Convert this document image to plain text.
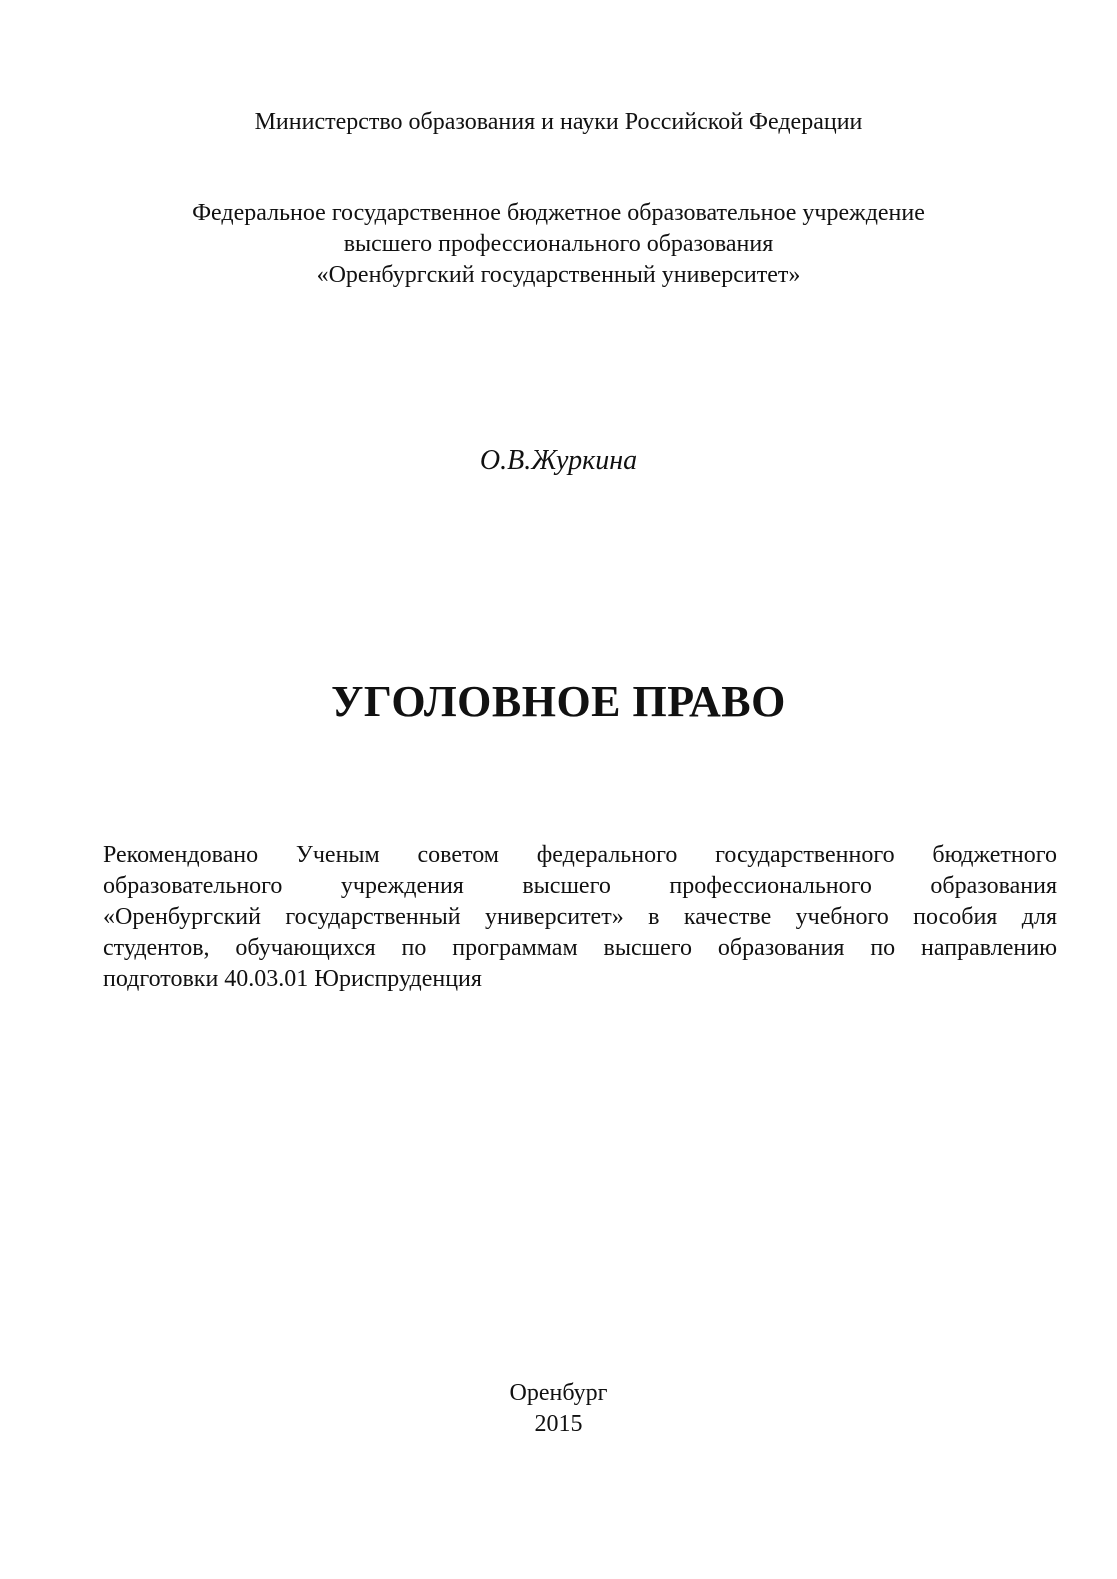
Министерство образования и науки Российской Федерации
Федеральное государственное бюджетное образовательное учреждение
высшего профессионального образования
«Оренбургский государственный университет»
О.В.Журкина
УГОЛОВНОЕ ПРАВО
Рекомендовано Ученым советом федерального государственного бюджетного
образовательного учреждения высшего профессионального образования
«Оренбургский государственный университет» в качестве учебного пособия для
студентов, обучающихся по программам высшего образования по направлению
подготовки 40.03.01 Юриспруденция
Оренбург
2015
